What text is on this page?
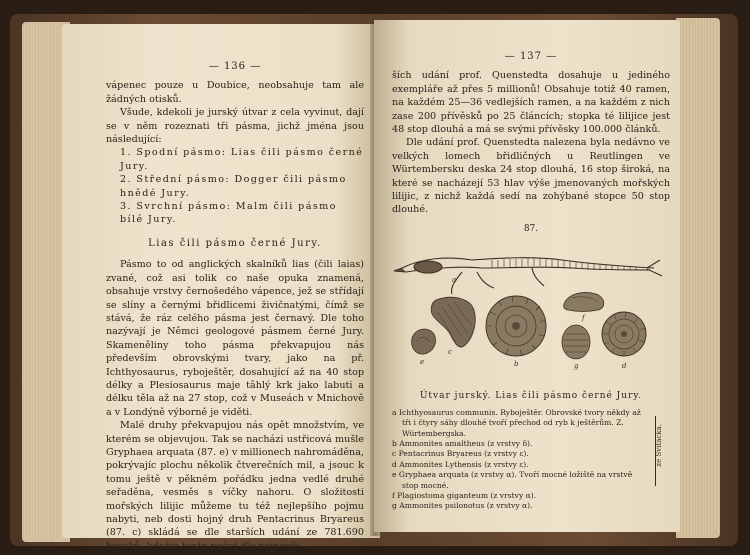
— 136 —
vápenec pouze u Doubice, neobsahuje tam ale žádných otisků.
Všude, kdekoli je jurský útvar z cela vyvinut, dají se v něm rozeznati tři pásma, jichž jména jsou následující:
1. Spodní pásmo: Lias čili pásmo černé Jury.
2. Střední pásmo: Dogger čili pásmo hnědé Jury.
3. Svrchní pásmo: Malm čili pásmo bílé Jury.
Lias čili pásmo černé Jury.
Pásmo to od anglických skalníků lias (čili laias) zvané, což asi tolik co naše opuka znamená, obsahuje vrstvy černošedého vápence, jež se střídají se slíny a černými břidlicemi živičnatými, čímž se stává, že ráz celého pásma jest černavý. Dle toho nazývají je Němci geologové pásmem černé Jury. Skameněliny toho pásma překvapujou nás především obrovskými tvary, jako na př. Ichthyosaurus, ryboještěr, dosahující až na 40 stop délky a Plesiosaurus maje tâhlý krk jako labuti a délku těla až na 27 stop, což v Museách v Mnichově a v Londýně výborně je viděti.
Malé druhy překvapujou nás opět množstvím, ve kterém se objevujou. Tak se nacházi ustřicová mušle Gryphaea arquata (87. e) v millionech nahromáděna, pokrývajíc plochu několik čtverečních mil, a jsouc k tomu ještě v pěkném pořádku jedna vedlé druhé seřaděna, vesměs s víčky nahoru. O složitosti mořských lilijic můžeme tu též nejlepšího pojmu nabyti, neb dosti hojný druh Pentacrinus Bryareus (87. c) skládá se dle starších udání ze 781.690 kousků, kdežto tento počet dle nejnověj-
— 137 —
ších udání prof. Quenstedta dosahuje u jediného exempláře až přes 5 millionů! Obsahuje totiž 40 ramen, na každém 25—36 vedlejších ramen, a na každém z nich zase 200 přívěsků po 25 článcích; stopka té lilijice jest 48 stop dlouhá a má se svými přívěsky 100.000 článků.
Dle udání prof. Quenstedta nalezena byla nedávno ve velkých lomech břidličných u Reutlingen ve Würtembersku deska 24 stop dlouhá, 16 stop široká, na které se nacházejí 53 hlav výše jmenovaných mořských lilijic, z nichž každá sedí na zohýbané stopce 50 stop dlouhé.
87.
a
c
b
f
d
e	g
Útvar jurský. Lias čili pásmo černé Jury.
a Ichthyosaurus communis. Ryboještěr. Obrovské tvory někdy až tři i čtyry sáhy dlouhé tvoří přechod od ryb k ještěrům. Z. Würtembergska.
b Ammonites amaltheus (z vrstvy δ).
c Pentacrinus Bryareus (z vrstvy ε).
d Ammonites Lythensis (z vrstvy ε).
e Gryphaea arquata (z vrstvy α). Tvoří mocné ložiště na vrstvě stop mocné.
f Plagiostoma giganteum (z vrstvy α).
g Ammonites psilonotus (z vrstvy α).
ze Svitácka.
